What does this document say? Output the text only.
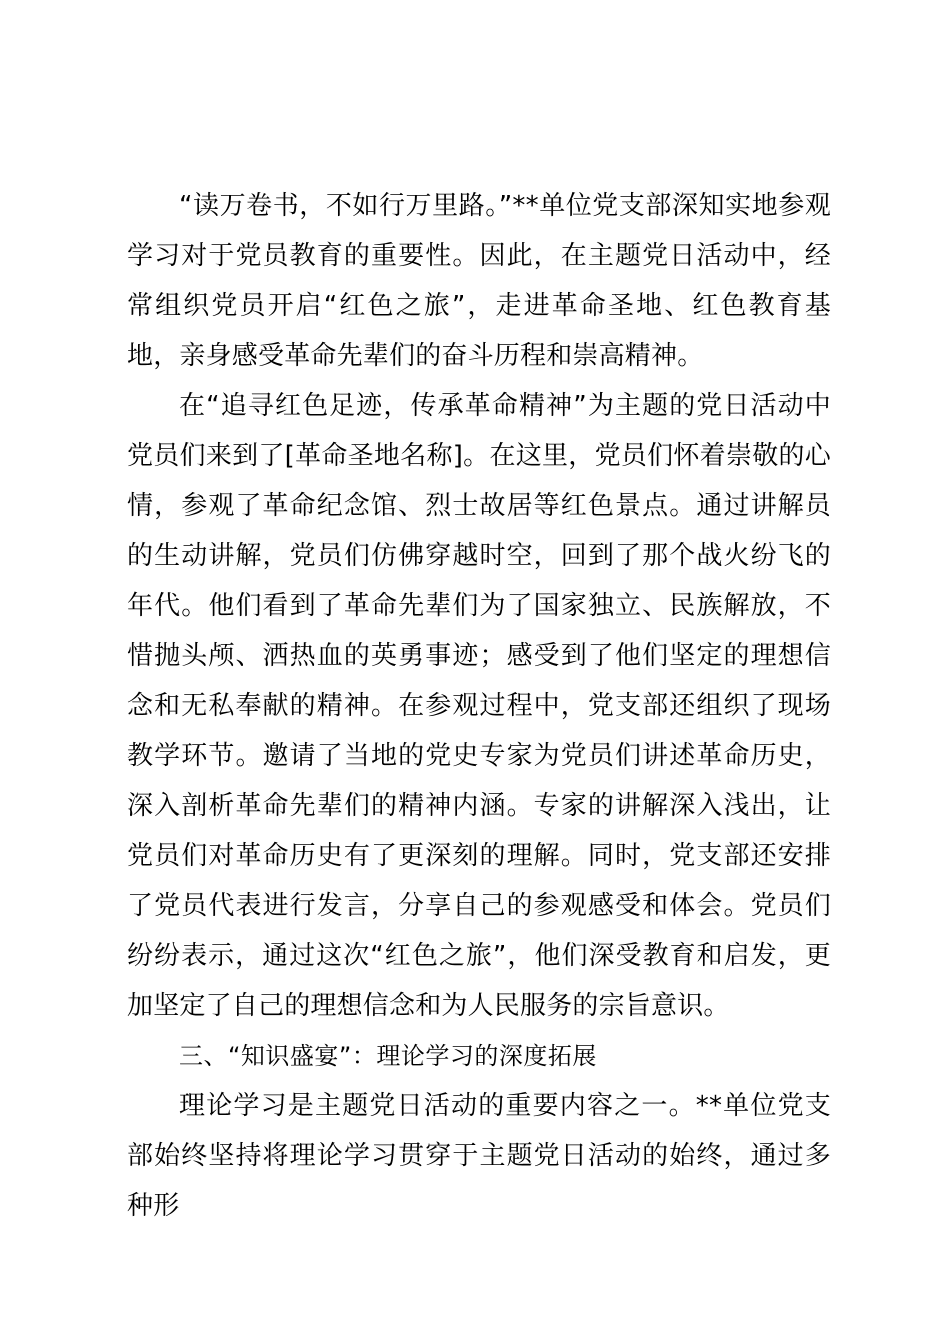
“读万卷书，不如行万里路。”**单位党支部深知实地参观学习对于党员教育的重要性。因此，在主题党日活动中，经常组织党员开启“红色之旅”，走进革命圣地、红色教育基地，亲身感受革命先辈们的奋斗历程和崇高精神。

在“追寻红色足迹，传承革命精神”为主题的党日活动中党员们来到了[革命圣地名称]。在这里，党员们怀着崇敬的心情，参观了革命纪念馆、烈士故居等红色景点。通过讲解员的生动讲解，党员们仿佛穿越时空，回到了那个战火纷飞的年代。他们看到了革命先辈们为了国家独立、民族解放，不惜抛头颅、洒热血的英勇事迹；感受到了他们坚定的理想信念和无私奉献的精神。在参观过程中，党支部还组织了现场教学环节。邀请了当地的党史专家为党员们讲述革命历史，深入剖析革命先辈们的精神内涵。专家的讲解深入浅出，让党员们对革命历史有了更深刻的理解。同时，党支部还安排了党员代表进行发言，分享自己的参观感受和体会。党员们纷纷表示，通过这次“红色之旅”，他们深受教育和启发，更加坚定了自己的理想信念和为人民服务的宗旨意识。

三、“知识盛宴”：理论学习的深度拓展

理论学习是主题党日活动的重要内容之一。**单位党支部始终坚持将理论学习贯穿于主题党日活动的始终，通过多种形
